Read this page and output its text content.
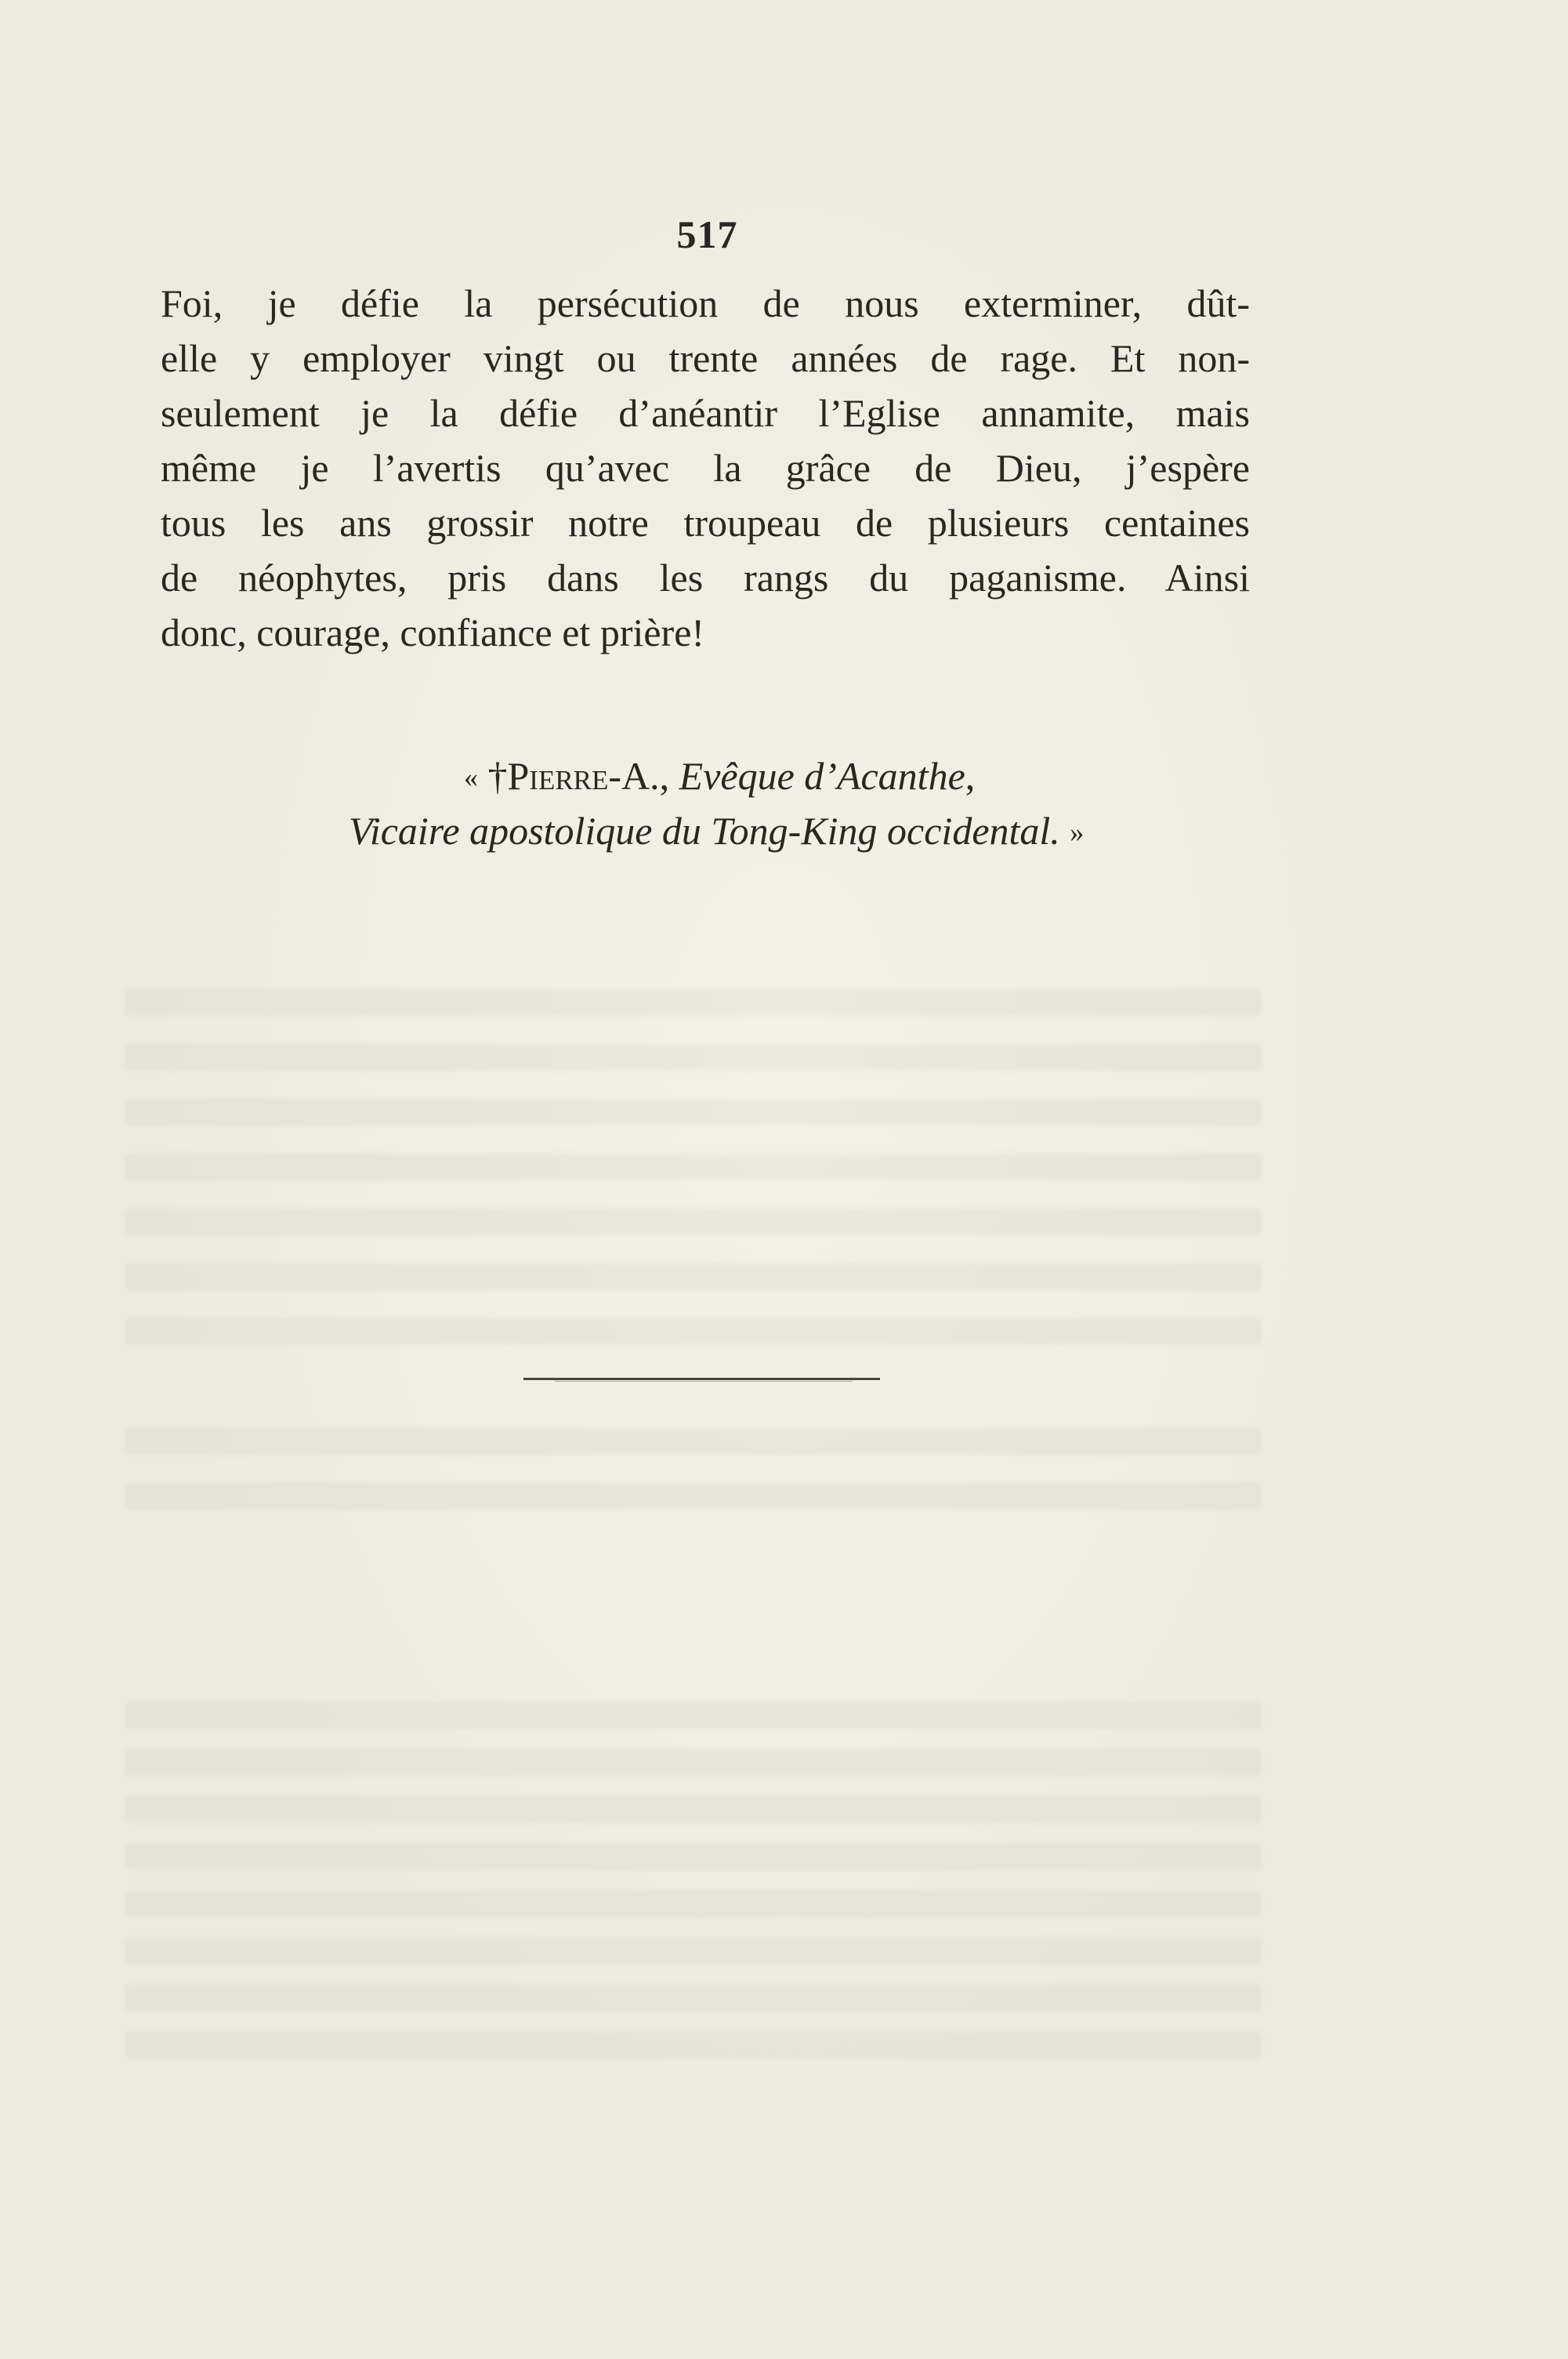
517
Foi, je défie la persécution de nous exterminer, dût-
elle y employer vingt ou trente années de rage. Et non-
seulement je la défie d’anéantir l’Eglise annamite, mais
même je l’avertis qu’avec la grâce de Dieu, j’espère
tous les ans grossir notre troupeau de plusieurs centaines
de néophytes, pris dans les rangs du paganisme. Ainsi
donc, courage, confiance et prière!
« †Pierre-A., Evêque d’Acanthe,
Vicaire apostolique du Tong-King occidental. »
